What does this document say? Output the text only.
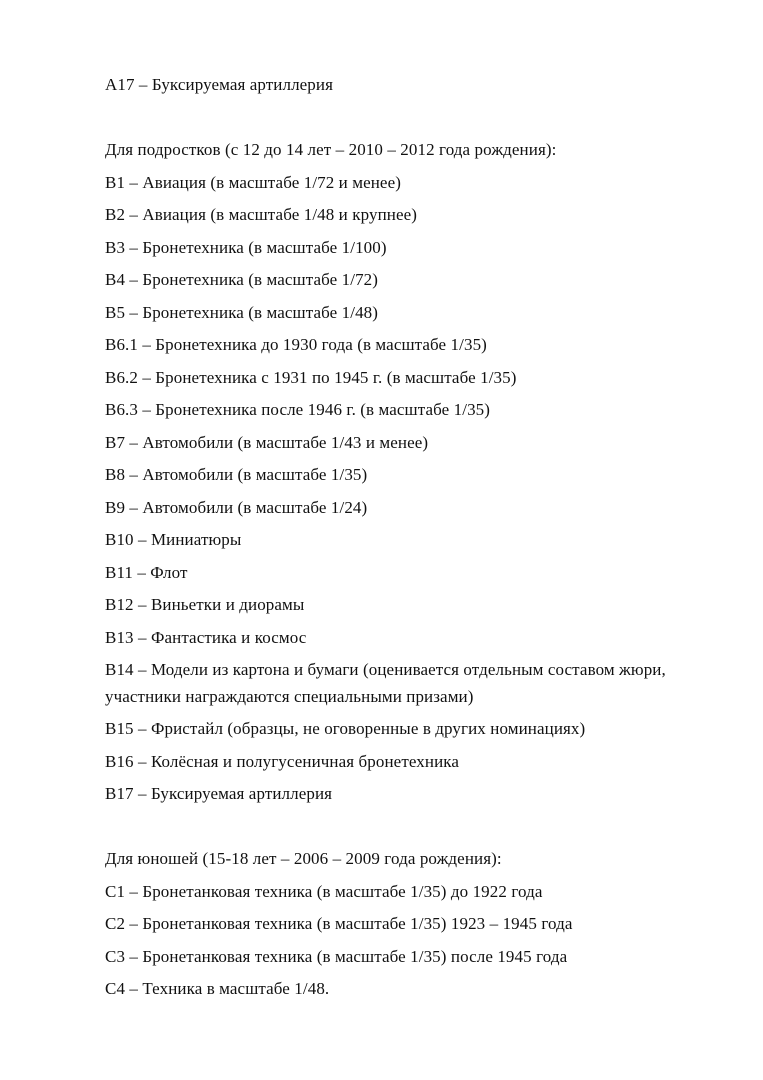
А17 – Буксируемая артиллерия

Для подростков (с 12 до 14 лет – 2010 – 2012 года рождения):

В1 – Авиация (в масштабе 1/72 и менее)

В2 – Авиация (в масштабе 1/48 и крупнее)

В3 – Бронетехника (в масштабе 1/100)

В4 – Бронетехника (в масштабе 1/72)

В5 – Бронетехника (в масштабе 1/48)

В6.1 – Бронетехника до 1930 года (в масштабе 1/35)

В6.2 – Бронетехника с 1931 по 1945 г. (в масштабе 1/35)

В6.3 – Бронетехника после 1946 г. (в масштабе 1/35)

В7 – Автомобили (в масштабе 1/43 и менее)

В8 – Автомобили (в масштабе 1/35)

В9 – Автомобили (в масштабе 1/24)

В10 – Миниатюры

В11 – Флот

В12 – Виньетки и диорамы

В13 – Фантастика и космос

В14 – Модели из картона и бумаги (оценивается отдельным составом жюри, участники награждаются специальными призами)

В15 – Фристайл (образцы, не оговоренные в других номинациях)

В16 – Колёсная и полугусеничная бронетехника

В17 – Буксируемая артиллерия

Для юношей (15-18 лет – 2006 – 2009 года рождения):

С1 – Бронетанковая техника (в масштабе 1/35) до 1922 года

С2 – Бронетанковая техника (в масштабе 1/35) 1923 – 1945 года

С3 – Бронетанковая техника (в масштабе 1/35) после 1945 года

С4 – Техника в масштабе 1/48.
